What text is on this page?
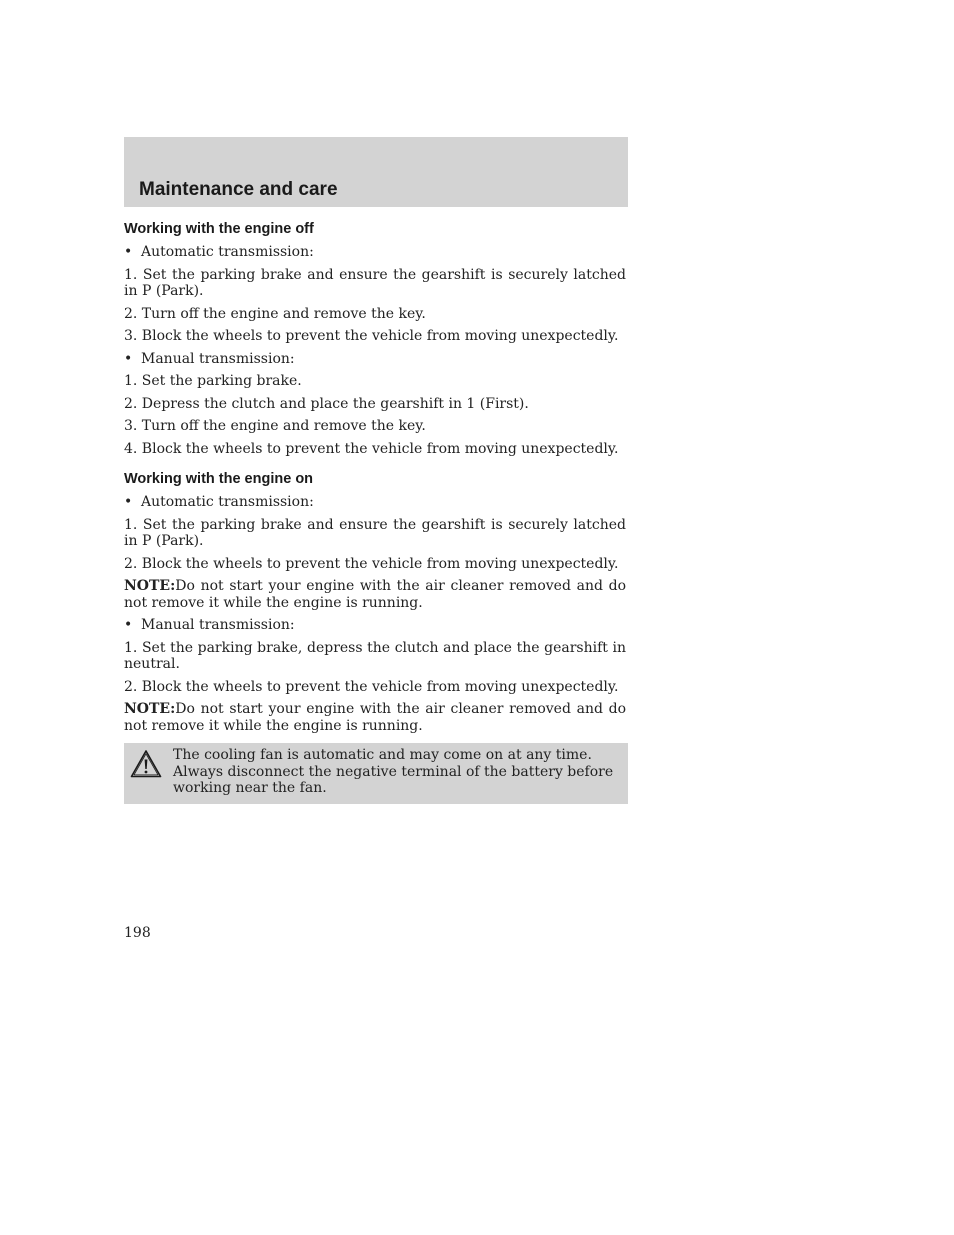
Maintenance and care
Working with the engine off
• Automatic transmission:
1. Set the parking brake and ensure the gearshift is securely latched in P (Park).
2. Turn off the engine and remove the key.
3. Block the wheels to prevent the vehicle from moving unexpectedly.
• Manual transmission:
1. Set the parking brake.
2. Depress the clutch and place the gearshift in 1 (First).
3. Turn off the engine and remove the key.
4. Block the wheels to prevent the vehicle from moving unexpectedly.
Working with the engine on
• Automatic transmission:
1. Set the parking brake and ensure the gearshift is securely latched in P (Park).
2. Block the wheels to prevent the vehicle from moving unexpectedly.
NOTE:Do not start your engine with the air cleaner removed and do not remove it while the engine is running.
• Manual transmission:
1. Set the parking brake, depress the clutch and place the gearshift in neutral.
2. Block the wheels to prevent the vehicle from moving unexpectedly.
NOTE:Do not start your engine with the air cleaner removed and do not remove it while the engine is running.
The cooling fan is automatic and may come on at any time. Always disconnect the negative terminal of the battery before working near the fan.
198
